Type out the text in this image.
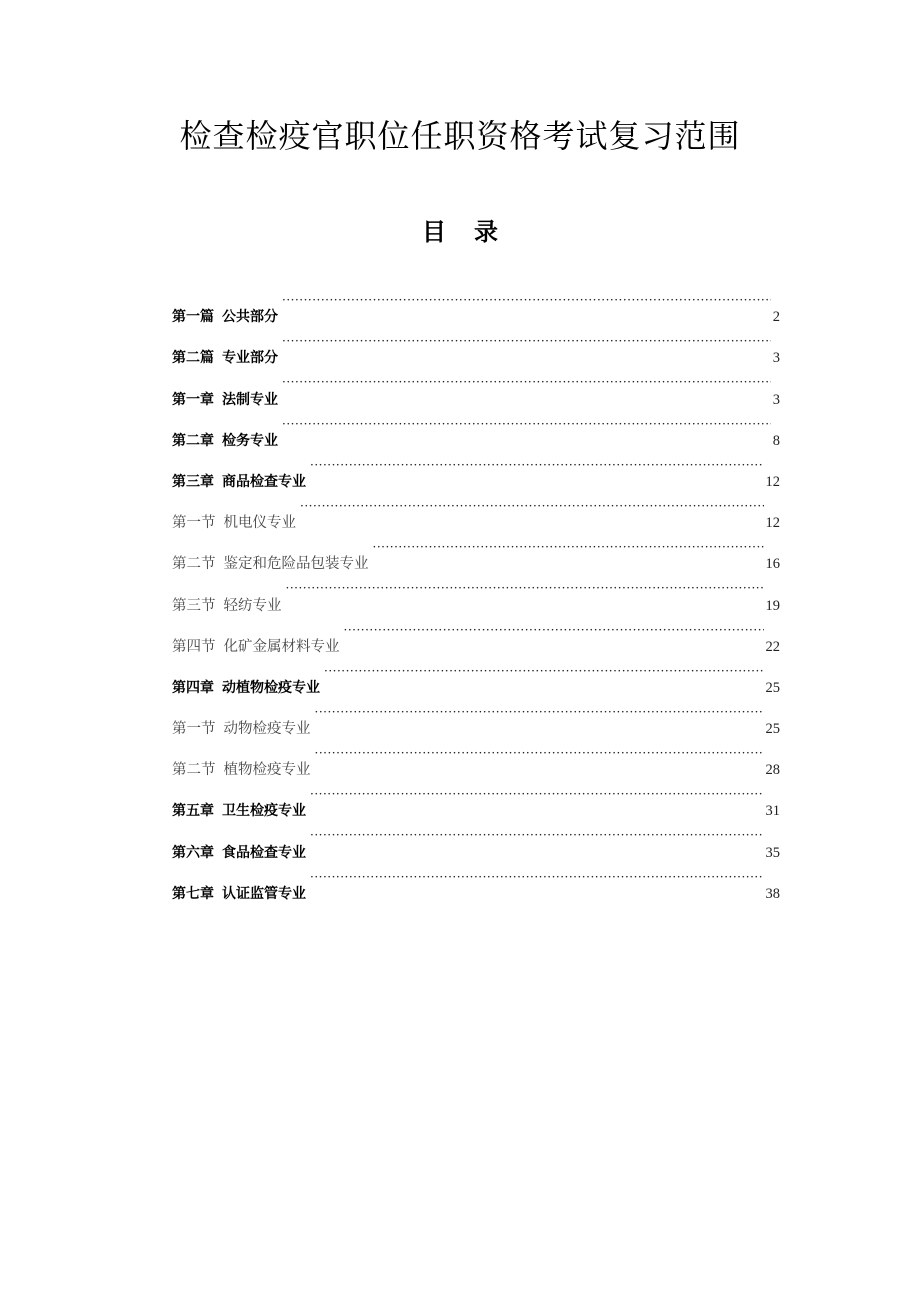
检查检疫官职位任职资格考试复习范围
目 录
第一篇 公共部分 ·····	2
第二篇 专业部分 ·····	3
第一章 法制专业 ·····	3
第二章 检务专业 ·····	8
第三章 商品检查专业 ·····	12
第一节 机电仪专业 ·····	12
第二节 鉴定和危险品包装专业 ·····	16
第三节 轻纺专业 ·····	19
第四节 化矿金属材料专业 ·····	22
第四章 动植物检疫专业 ·····	25
第一节 动物检疫专业 ·····	25
第二节 植物检疫专业 ·····	28
第五章 卫生检疫专业 ·····	31
第六章 食品检查专业 ·····	35
第七章 认证监管专业 ·····	38
